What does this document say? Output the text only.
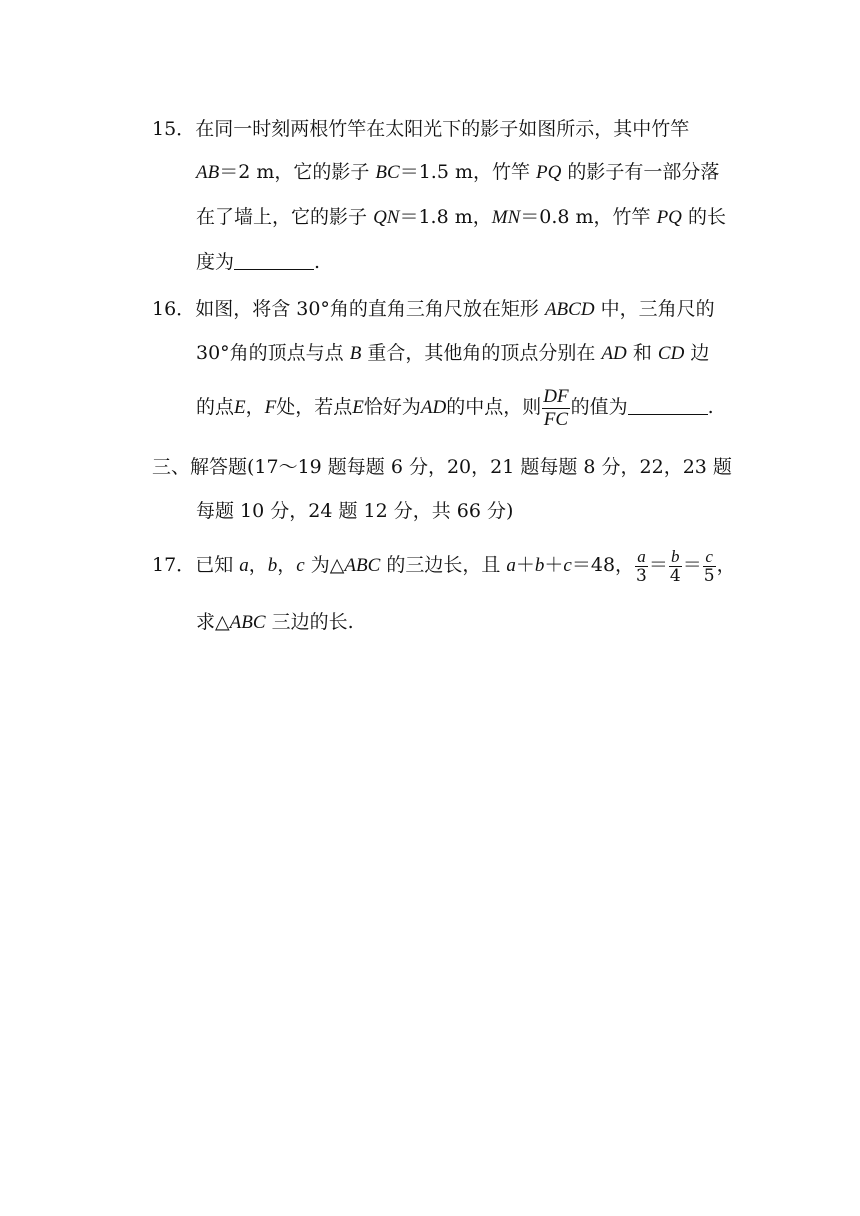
15．在同一时刻两根竹竿在太阳光下的影子如图所示，其中竹竿
AB＝2 m，它的影子 BC＝1.5 m，竹竿 PQ 的影子有一部分落
在了墙上，它的影子 QN＝1.8 m，MN＝0.8 m，竹竿 PQ 的长
度为	.
16．如图，将含 30°角的直角三角尺放在矩形 ABCD 中，三角尺的
30°角的顶点与点 B 重合，其他角的顶点分别在 AD 和 CD 边
的点E，F处，若点E恰好为AD的中点，则 $\frac{DF}{FC}$ 的值为	.
三、解答题(17～19 题每题 6 分，20，21 题每题 8 分，22，23 题
每题 10 分，24 题 12 分，共 66 分)
17．已知 a，b，c 为△ABC 的三边长，且 a＋b＋c＝48， $\frac{a}{3} = \frac{b}{4} = \frac{c}{5}$ ，
求△ABC 三边的长.
